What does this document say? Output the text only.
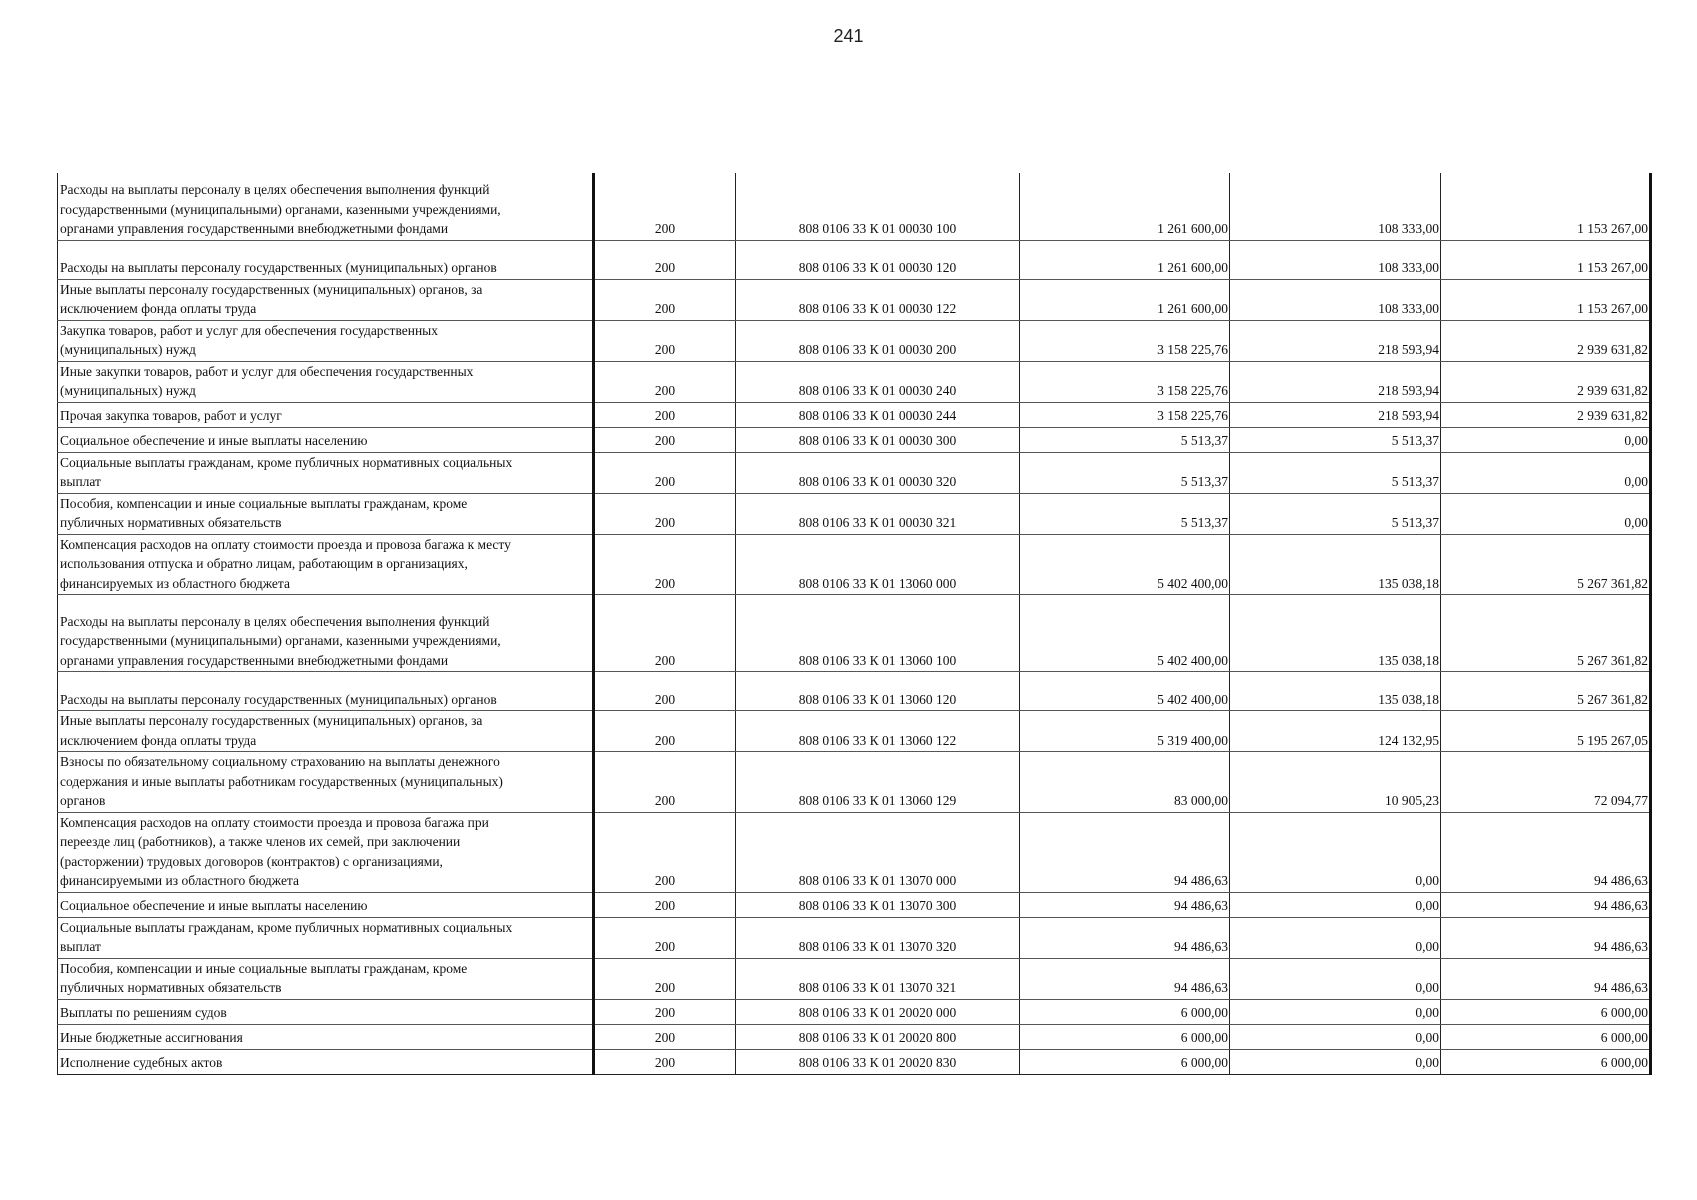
241
Расходы на выплаты персоналу в целях обеспечения выполнения функций
государственными (муниципальными) органами, казенными учреждениями,
органами управления государственными внебюджетными фондами	200	808 0106 33 К 01 00030 100	1 261 600,00	108 333,00	1 153 267,00
Расходы на выплаты персоналу государственных (муниципальных) органов	200	808 0106 33 К 01 00030 120	1 261 600,00	108 333,00	1 153 267,00
Иные выплаты персоналу государственных (муниципальных) органов, за
исключением фонда оплаты труда	200	808 0106 33 К 01 00030 122	1 261 600,00	108 333,00	1 153 267,00
Закупка товаров, работ и услуг для обеспечения государственных
(муниципальных) нужд	200	808 0106 33 К 01 00030 200	3 158 225,76	218 593,94	2 939 631,82
Иные закупки товаров, работ и услуг для обеспечения государственных
(муниципальных) нужд	200	808 0106 33 К 01 00030 240	3 158 225,76	218 593,94	2 939 631,82
Прочая закупка товаров, работ и услуг	200	808 0106 33 К 01 00030 244	3 158 225,76	218 593,94	2 939 631,82
Социальное обеспечение и иные выплаты населению	200	808 0106 33 К 01 00030 300	5 513,37	5 513,37	0,00
Социальные выплаты гражданам, кроме публичных нормативных социальных
выплат	200	808 0106 33 К 01 00030 320	5 513,37	5 513,37	0,00
Пособия, компенсации и иные социальные выплаты гражданам, кроме
публичных нормативных обязательств	200	808 0106 33 К 01 00030 321	5 513,37	5 513,37	0,00
Компенсация расходов на оплату стоимости проезда и провоза багажа к месту
использования отпуска и обратно лицам, работающим в организациях,
финансируемых из областного бюджета	200	808 0106 33 К 01 13060 000	5 402 400,00	135 038,18	5 267 361,82
Расходы на выплаты персоналу в целях обеспечения выполнения функций
государственными (муниципальными) органами, казенными учреждениями,
органами управления государственными внебюджетными фондами	200	808 0106 33 К 01 13060 100	5 402 400,00	135 038,18	5 267 361,82
Расходы на выплаты персоналу государственных (муниципальных) органов	200	808 0106 33 К 01 13060 120	5 402 400,00	135 038,18	5 267 361,82
Иные выплаты персоналу государственных (муниципальных) органов, за
исключением фонда оплаты труда	200	808 0106 33 К 01 13060 122	5 319 400,00	124 132,95	5 195 267,05
Взносы по обязательному социальному страхованию на выплаты денежного
содержания и иные выплаты работникам государственных (муниципальных)
органов	200	808 0106 33 К 01 13060 129	83 000,00	10 905,23	72 094,77
Компенсация расходов на оплату стоимости проезда и провоза багажа при
переезде лиц (работников), а также членов их семей, при заключении
(расторжении) трудовых договоров (контрактов) с организациями,
финансируемыми из областного бюджета	200	808 0106 33 К 01 13070 000	94 486,63	0,00	94 486,63
Социальное обеспечение и иные выплаты населению	200	808 0106 33 К 01 13070 300	94 486,63	0,00	94 486,63
Социальные выплаты гражданам, кроме публичных нормативных социальных
выплат	200	808 0106 33 К 01 13070 320	94 486,63	0,00	94 486,63
Пособия, компенсации и иные социальные выплаты гражданам, кроме
публичных нормативных обязательств	200	808 0106 33 К 01 13070 321	94 486,63	0,00	94 486,63
Выплаты по решениям судов	200	808 0106 33 К 01 20020 000	6 000,00	0,00	6 000,00
Иные бюджетные ассигнования	200	808 0106 33 К 01 20020 800	6 000,00	0,00	6 000,00
Исполнение судебных актов	200	808 0106 33 К 01 20020 830	6 000,00	0,00	6 000,00
